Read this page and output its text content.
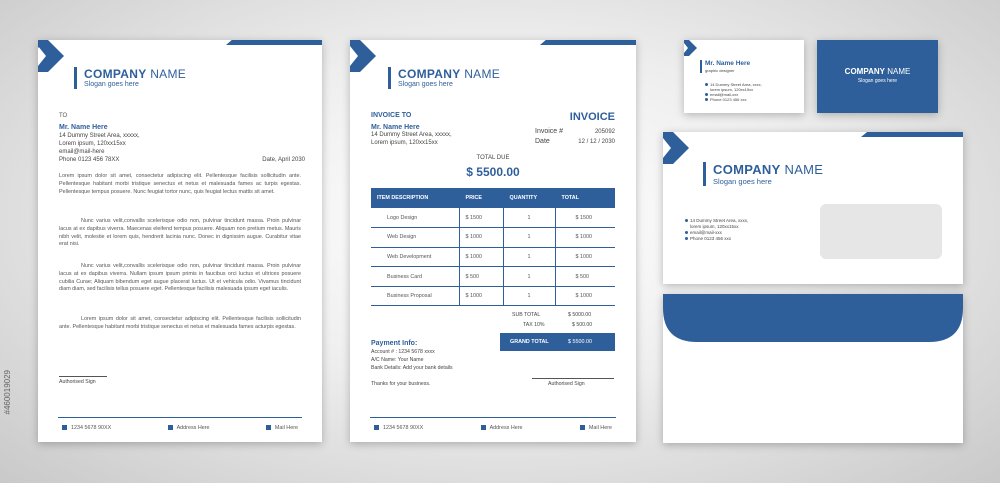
COMPANY NAME
Slogan goes here
TO
Mr. Name Here
14 Dummy Street Area, xxxxx,
Lorem ipsum, 120xx15xx
email@mail-here
Phone 0123 456 78XX	Date, April 2030
Lorem ipsum dolor sit amet, consectetur adipiscing elit. Pellentesque facilisis sollicitudin ante. Pellentesque habitant morbi tristique senectus et netus et malesuada fames ac turpis egestas. Pellentesque tempus posuere. Nunc feugiat tortor nunc, quis feugiat lectus mattis sit amet.
Nunc varius velit,convallis scelerisque odio non, pulvinar tincidunt massa. Proin pulvinar lacus at ex dapibus viverra. Maecenas eleifend tempus posuere. Aliquam non pretium metus. Mauris nibh velit, molestie et lorem quis, hendrerit lacinia nunc. Donec in dignissim augue. Curabitur vitae erat nisi.
Nunc varius velit,convallis scelerisque odio non, pulvinar tincidunt massa. Proin pulvinar lacus at ex dapibus viverra. Nullam ipsum ipsum primis in faucibus orci luctus et ultrices posuere cubilia Curae; Aliquam bibendum eget augue placerat luctus. Ut et vehicula odio. Vivamus tincidunt diam diam, sed facilisis tellus posuere eget. Pellentesque facilisis malesuada ipsum eget iaculis.
Lorem ipsum dolor sit amet, consectetur adipiscing elit. Pellentesque facilisis sollicitudin ante. Pellentesque habitant morbi tristique senectus et netus et malesuada fames acturpis egestas.
Authorised Sign
1234 5678 90XX	Address Here	Mail Here
COMPANY NAME
Slogan goes here
INVOICE TO	INVOICE
Mr. Name Here
14 Dummy Street Area, xxxxx,
Lorem ipsum, 120xx15xx
Invoice #	205092
Date	12 / 12 / 2030
TOTAL DUE
$ 5500.00
ITEM DESCRIPTION	PRICE	QUANTITY	TOTAL
Logo Design	$ 1500	1	$ 1500
Web Design	$ 1000	1	$ 1000
Web Development	$ 1000	1	$ 1000
Business Card	$ 500	1	$ 500
Business Proposal	$ 1000	1	$ 1000
SUB TOTAL	$ 5000.00
TAX 10%	$ 500.00
GRAND TOTAL	$ 5500.00
Payment Info:
Account # : 1234 5678 xxxx
A/C Name: Your Name
Bank Details: Add your bank details
Thanks for your business.	Authorised Sign
1234 5678 90XX	Address Here	Mail Here
Mr. Name Here
graphic designer
14 Dummy Street Area, xxxx,
lorem ipsum, 120xx15xx
email@mail-xxx
Phone 0123 456 xxx
COMPANY NAME
Slogan goes here
COMPANY NAME
Slogan goes here
14 Dummy Street Area, xxxx,
lorem ipsum, 120xx15xx
email@mail-xxx
Phone 0123 456 xxx
#460019029
